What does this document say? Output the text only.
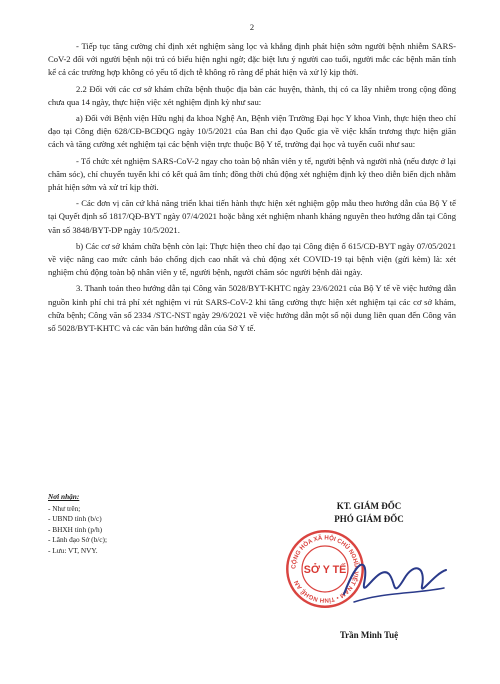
2

- Tiếp tục tăng cường chỉ định xét nghiệm sàng lọc và khẳng định phát hiện sớm người bệnh nhiễm SARS-CoV-2 đối với người bệnh nội trú có biểu hiện nghi ngờ; đặc biệt lưu ý người cao tuổi, người mắc các bệnh mãn tính kể cả các trường hợp không có yếu tố dịch tễ không rõ ràng để phát hiện và xử lý kịp thời.

2.2 Đối với các cơ sở khám chữa bệnh thuộc địa bàn các huyện, thành, thị có ca lây nhiễm trong cộng đồng chưa qua 14 ngày, thực hiện việc xét nghiệm định kỳ như sau:

a) Đối với Bệnh viện Hữu nghị đa khoa Nghệ An, Bệnh viện Trường Đại học Y khoa Vinh, thực hiện theo chỉ đạo tại Công điện 628/CĐ-BCĐQG ngày 10/5/2021 của Ban chỉ đạo Quốc gia về việc khẩn trương thực hiện giãn cách và tăng cường xét nghiệm tại các bệnh viện trực thuộc Bộ Y tế, trường đại học và tuyến cuối như sau:

- Tổ chức xét nghiệm SARS-CoV-2 ngay cho toàn bộ nhân viên y tế, người bệnh và người nhà (nếu được ở lại chăm sóc), chỉ chuyển tuyến khi có kết quả âm tính; đồng thời chủ động xét nghiệm định kỳ theo diễn biến dịch nhằm phát hiện sớm và xử trí kịp thời.

- Các đơn vị căn cứ khả năng triển khai tiến hành thực hiện xét nghiệm gộp mẫu theo hướng dẫn của Bộ Y tế tại Quyết định số 1817/QĐ-BYT ngày 07/4/2021 hoặc bằng xét nghiệm nhanh kháng nguyên theo hướng dẫn tại Công văn số 3848/BYT-DP ngày 10/5/2021.

b) Các cơ sở khám chữa bệnh còn lại: Thực hiện theo chỉ đạo tại Công điện ố 615/CĐ-BYT ngày 07/05/2021 về việc nâng cao mức cảnh báo chống dịch cao nhất và chủ động xét COVID-19 tại bệnh viện (gửi kèm) là: xét nghiệm chủ động toàn bộ nhân viên y tế, người bệnh, người chăm sóc người bệnh dài ngày.

3. Thanh toán theo hướng dẫn tại Công văn 5028/BYT-KHTC ngày 23/6/2021 của Bộ Y tế về việc hướng dẫn nguồn kinh phí chi trả phí xét nghiệm vi rút SARS-CoV-2 khi tăng cường thực hiện xét nghiệm tại các cơ sở khám, chữa bệnh; Công văn số 2334 /STC-NST ngày 29/6/2021 về việc hướng dẫn một số nội dung liên quan đến Công văn số 5028/BYT-KHTC và các văn bản hướng dẫn của Sở Y tế.

Nơi nhận:
- Như trên;
- UBND tỉnh (b/c)
- BHXH tỉnh (p/h)
- Lãnh đạo Sở (b/c);
- Lưu: VT, NVY.
KT. GIÁM ĐỐC
PHÓ GIÁM ĐỐC
CỘNG HÒA XÃ HỘI CHỦ NGHĨA VIỆT NAM • TỈNH NGHỆ AN
SỞ Y TẾ
Trần Minh Tuệ
